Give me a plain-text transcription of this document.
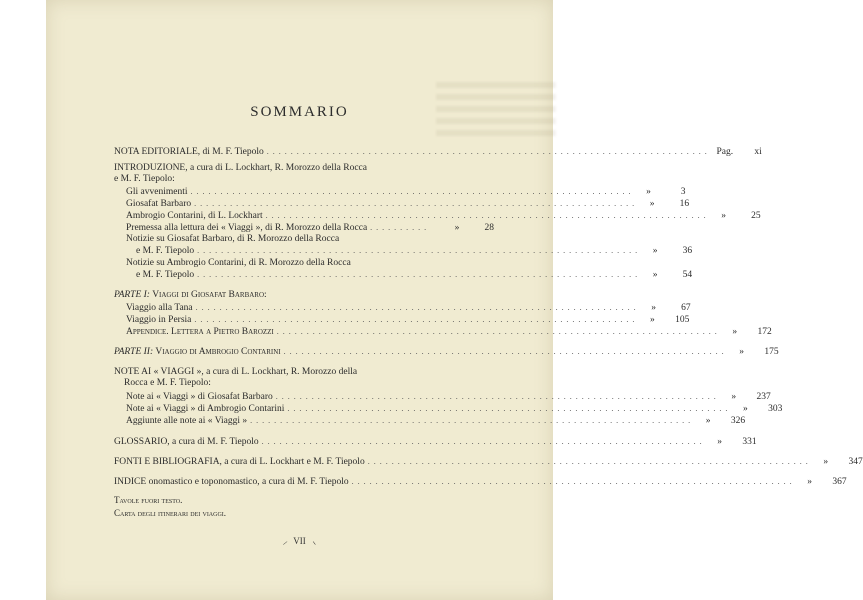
SOMMARIO
NOTA EDITORIALE, di M. F. Tiepolo .......................................................................... Pag.	xi
INTRODUZIONE, a cura di L. Lockhart, R. Morozzo della Rocca
e M. F. Tiepolo:
Gli avvenimenti ..........................................................................	»	3
Giosafat Barbaro ..........................................................................	»	16
Ambrogio Contarini, di L. Lockhart ..........................................................................	»	25
Premessa alla lettura dei « Viaggi », di R. Morozzo della Rocca ..........	»	28
Notizie su Giosafat Barbaro, di R. Morozzo della Rocca
e M. F. Tiepolo ..........................................................................	»	36
Notizie su Ambrogio Contarini, di R. Morozzo della Rocca
e M. F. Tiepolo ..........................................................................	»	54
PARTE I: Viaggi di Giosafat Barbaro:
Viaggio alla Tana ..........................................................................	»	67
Viaggio in Persia ..........................................................................	»	105
Appendice. Lettera a Pietro Barozzi ..........................................................................	»	172
PARTE II: Viaggio di Ambrogio Contarini ..........................................................................	»	175
NOTE AI « VIAGGI », a cura di L. Lockhart, R. Morozzo della
Rocca e M. F. Tiepolo:
Note ai « Viaggi » di Giosafat Barbaro ..........................................................................	»	237
Note ai « Viaggi » di Ambrogio Contarini ..........................................................................	»	303
Aggiunte alle note ai « Viaggi » ..........................................................................	»	326
GLOSSARIO, a cura di M. F. Tiepolo ..........................................................................	»	331
FONTI E BIBLIOGRAFIA, a cura di L. Lockhart e M. F. Tiepolo ..........................................................................	»	347
INDICE onomastico e toponomastico, a cura di M. F. Tiepolo ..........................................................................	»	367
Tavole fuori testo.
Carta degli itinerari dei viaggi.
⸝ VII ⸜
